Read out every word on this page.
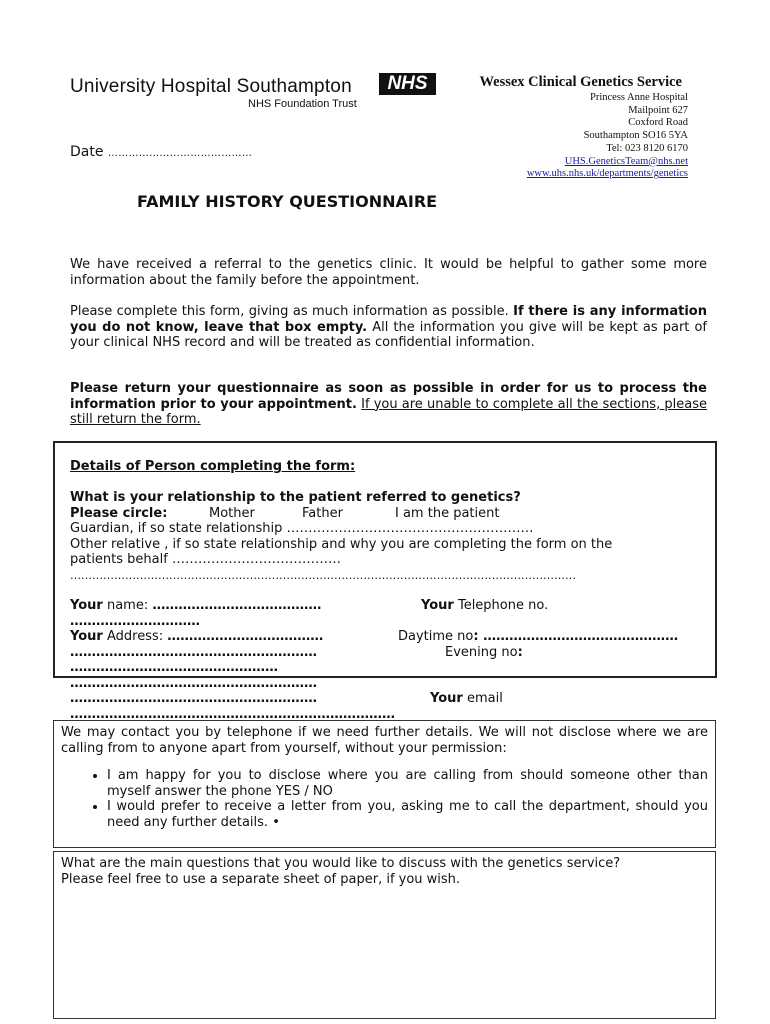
University Hospital Southampton
NHS Foundation Trust
NHS	Wessex Clinical Genetics Service
Princess Anne Hospital
Mailpoint 627
Coxford Road
Southampton SO16 5YA
Tel: 023 8120 6170
UHS.GeneticsTeam@nhs.net
www.uhs.nhs.uk/departments/genetics
Date ……………………………………
FAMILY HISTORY QUESTIONNAIRE
We have received a referral to the genetics clinic. It would be helpful to gather some more information about the family before the appointment.
Please complete this form, giving as much information as possible. If there is any information you do not know, leave that box empty. All the information you give will be kept as part of your clinical NHS record and will be treated as confidential information.
Please return your questionnaire as soon as possible in order for us to process the information prior to your appointment. If you are unable to complete all the sections, please still return the form.
Details of Person completing the form:
What is your relationship to the patient referred to genetics?
Please circle:	Mother	Father	I am the patient
Guardian, if so state relationship …………………………………………………
Other relative , if so state relationship and why you are completing the form on the
patients behalf …………………………………
…………………………………………………………………………………………………………………………
Your name: …………………………………	Your Telephone no.
…………………………
Your Address: ………………………………	Daytime no: ………………………………………
…………………………………………………	Evening no:
…………………………………………
…………………………………………………
…………………………………………………	Your email
…………………………………………………………………
We may contact you by telephone if we need further details. We will not disclose where we are calling from to anyone apart from yourself, without your permission:
• I am happy for you to disclose where you are calling from should someone other than myself answer the phone YES / NO
• I would prefer to receive a letter from you, asking me to call the department, should you need any further details. •
What are the main questions that you would like to discuss with the genetics service?
Please feel free to use a separate sheet of paper, if you wish.
